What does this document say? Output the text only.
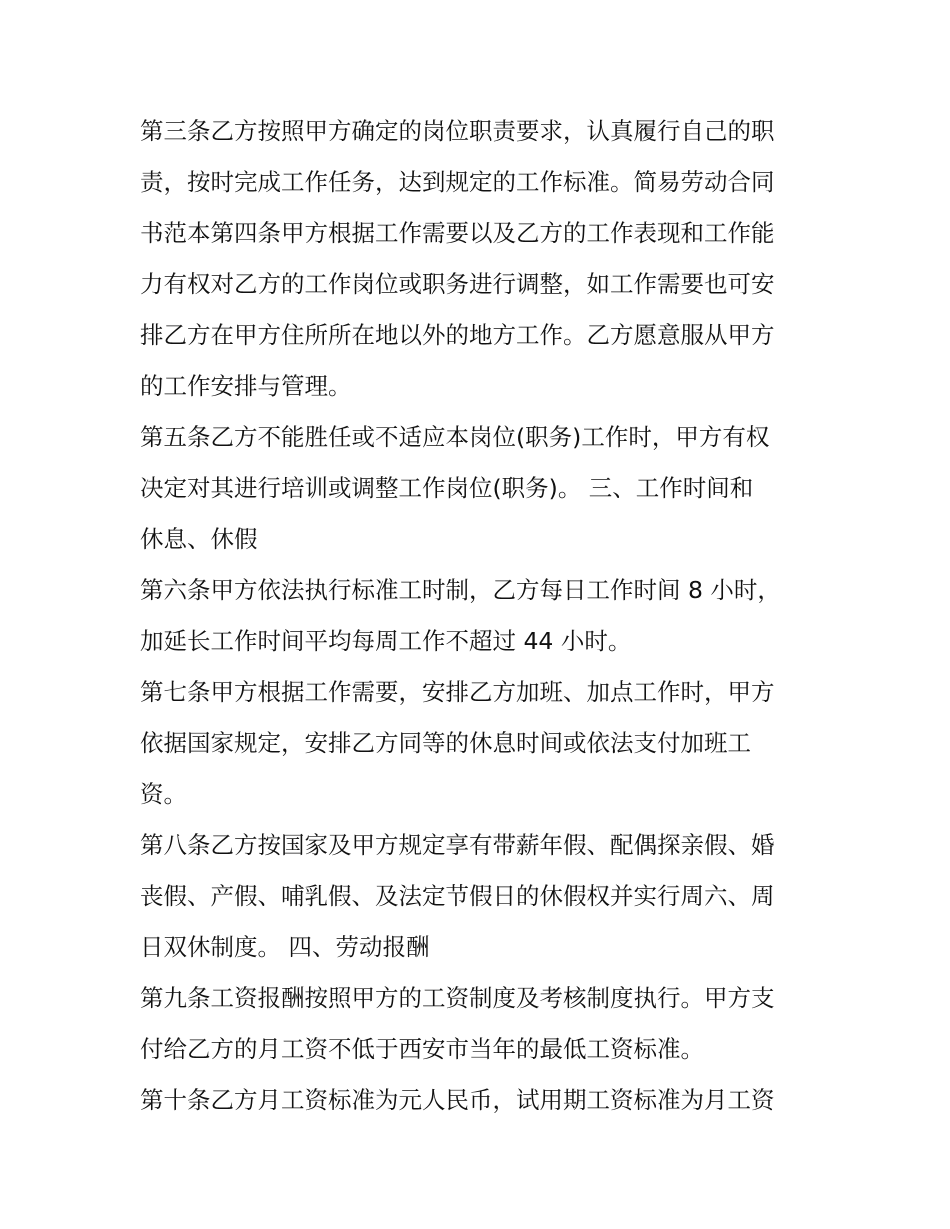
第三条乙方按照甲方确定的岗位职责要求，认真履行自己的职
责，按时完成工作任务，达到规定的工作标准。简易劳动合同
书范本第四条甲方根据工作需要以及乙方的工作表现和工作能
力有权对乙方的工作岗位或职务进行调整，如工作需要也可安
排乙方在甲方住所所在地以外的地方工作。乙方愿意服从甲方
的工作安排与管理。

第五条乙方不能胜任或不适应本岗位(职务)工作时，甲方有权
决定对其进行培训或调整工作岗位(职务)。 三、工作时间和
休息、休假

第六条甲方依法执行标准工时制，乙方每日工作时间 8 小时，
加延长工作时间平均每周工作不超过 44 小时。

第七条甲方根据工作需要，安排乙方加班、加点工作时，甲方
依据国家规定，安排乙方同等的休息时间或依法支付加班工
资。

第八条乙方按国家及甲方规定享有带薪年假、配偶探亲假、婚
丧假、产假、哺乳假、及法定节假日的休假权并实行周六、周
日双休制度。 四、劳动报酬

第九条工资报酬按照甲方的工资制度及考核制度执行。甲方支
付给乙方的月工资不低于西安市当年的最低工资标准。

第十条乙方月工资标准为元人民币，试用期工资标准为月工资
